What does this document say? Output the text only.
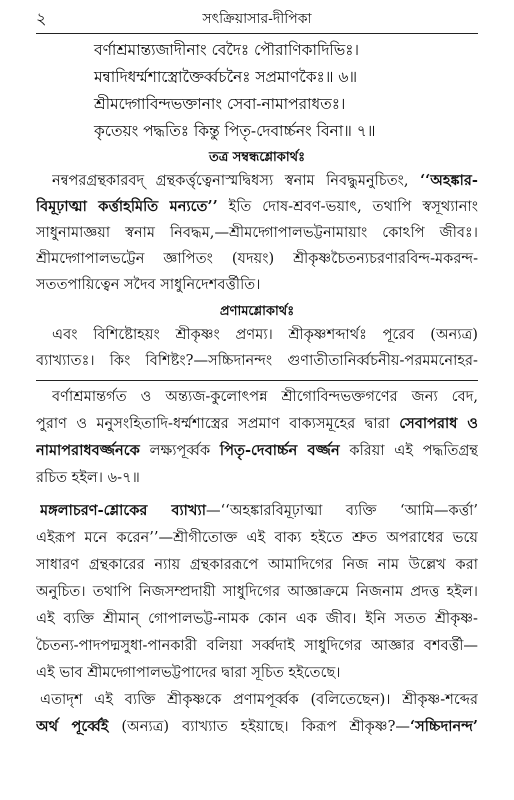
২	সৎক্রিয়াসার-দীপিকা
বর্ণাশ্রমান্ত্যজাদীনাং বেদৈঃ পৌরাণিকাদিভিঃ।
মন্বাদিধর্ম্মশাস্ত্রোক্তৈর্ব্বচনৈঃ সপ্রমাণকৈঃ॥ ৬॥
শ্রীমদ্গোবিন্দভক্তানাং সেবা-নামাপরাধতঃ।
কৃতেয়ং পদ্ধতিঃ কিন্তু পিতৃ-দেবার্চ্চনং বিনা॥ ৭॥
তত্র সম্বন্ধশ্লোকার্থঃ
নন্বপরগ্রন্থকারবদ্ গ্রন্থকর্ত্তৃত্বেনাস্মদ্বিধস্য স্বনাম নিবদ্ধুমনুচিতং, ‘‘অহঙ্কার-
বিমূঢ়াত্মা কর্ত্তাহমিতি মন্যতে’’ ইতি দোষ-শ্রবণ-ভয়াৎ, তথাপি স্বসূথ্যানাং
সাধুনামাজ্ঞয়া স্বনাম নিবদ্ধম,—শ্রীমদ্গোপালভট্টনামায়াং কোঽপি জীবঃ।
শ্রীমদ্গোপালভট্টেন জ্ঞাপিতং (যদয়ং) শ্রীকৃষ্ণচৈতন্যচরণারবিন্দ-মকরন্দ-
সততপায়িত্বেন সদৈব সাধুনিদেশবর্ত্তীতি।
প্রণামশ্লোকার্থঃ
এবং বিশিষ্টোহয়ং শ্রীকৃষ্ণং প্রণম্য। শ্রীকৃষ্ণশব্দার্থঃ পূরেব (অন্যত্র)
ব্যাখ্যাতঃ। কিং বিশিষ্টং?—সচ্চিদানন্দং গুণাতীতানির্ব্বচনীয়-পরমমনোহর-
বর্ণাশ্রমান্তর্গত ও অন্ত্যজ-কুলোৎপন্ন শ্রীগোবিন্দভক্তগণের জন্য বেদ,
পুরাণ ও মনুসংহিতাদি-ধর্ম্মশাস্ত্রের সপ্রমাণ বাক্যসমূহের দ্বারা সেবাপরাধ ও
নামাপরাধবর্জ্জনকে লক্ষ্যপূর্ব্বক পিতৃ-দেবার্চ্চন বর্জ্জন করিয়া এই পদ্ধতিগ্রন্থ
রচিত হইল। ৬-৭॥
মঙ্গলাচরণ-শ্লোকের ব্যাখ্যা—‘‘অহঙ্কারবিমূঢ়াত্মা ব্যক্তি ‘আমি—কর্ত্তা’
এইরূপ মনে করেন’’—শ্রীগীতোক্ত এই বাক্য হইতে শ্রুত অপরাধের ভয়ে
সাধারণ গ্রন্থকারের ন্যায় গ্রন্থকাররূপে আমাদিগের নিজ নাম উল্লেখ করা
অনুচিত। তথাপি নিজসম্প্রদায়ী সাধুদিগের আজ্ঞাক্রমে নিজনাম প্রদত্ত হইল।
এই ব্যক্তি শ্রীমান্ গোপালভট্ট-নামক কোন এক জীব। ইনি সতত শ্রীকৃষ্ণ-
চৈতন্য-পাদপদ্মসুধা-পানকারী বলিয়া সর্ব্বদাই সাধুদিগের আজ্ঞার বশবর্ত্তী—
এই ভাব শ্রীমদ্গোপালভট্টপাদের দ্বারা সূচিত হইতেছে।
এতাদৃশ এই ব্যক্তি শ্রীকৃষ্ণকে প্রণামপূর্ব্বক (বলিতেছেন)। শ্রীকৃষ্ণ-শব্দের
অর্থ পূর্ব্বেই (অন্যত্র) ব্যাখ্যাত হইয়াছে। কিরূপ শ্রীকৃষ্ণ?—‘সচ্চিদানন্দ’
